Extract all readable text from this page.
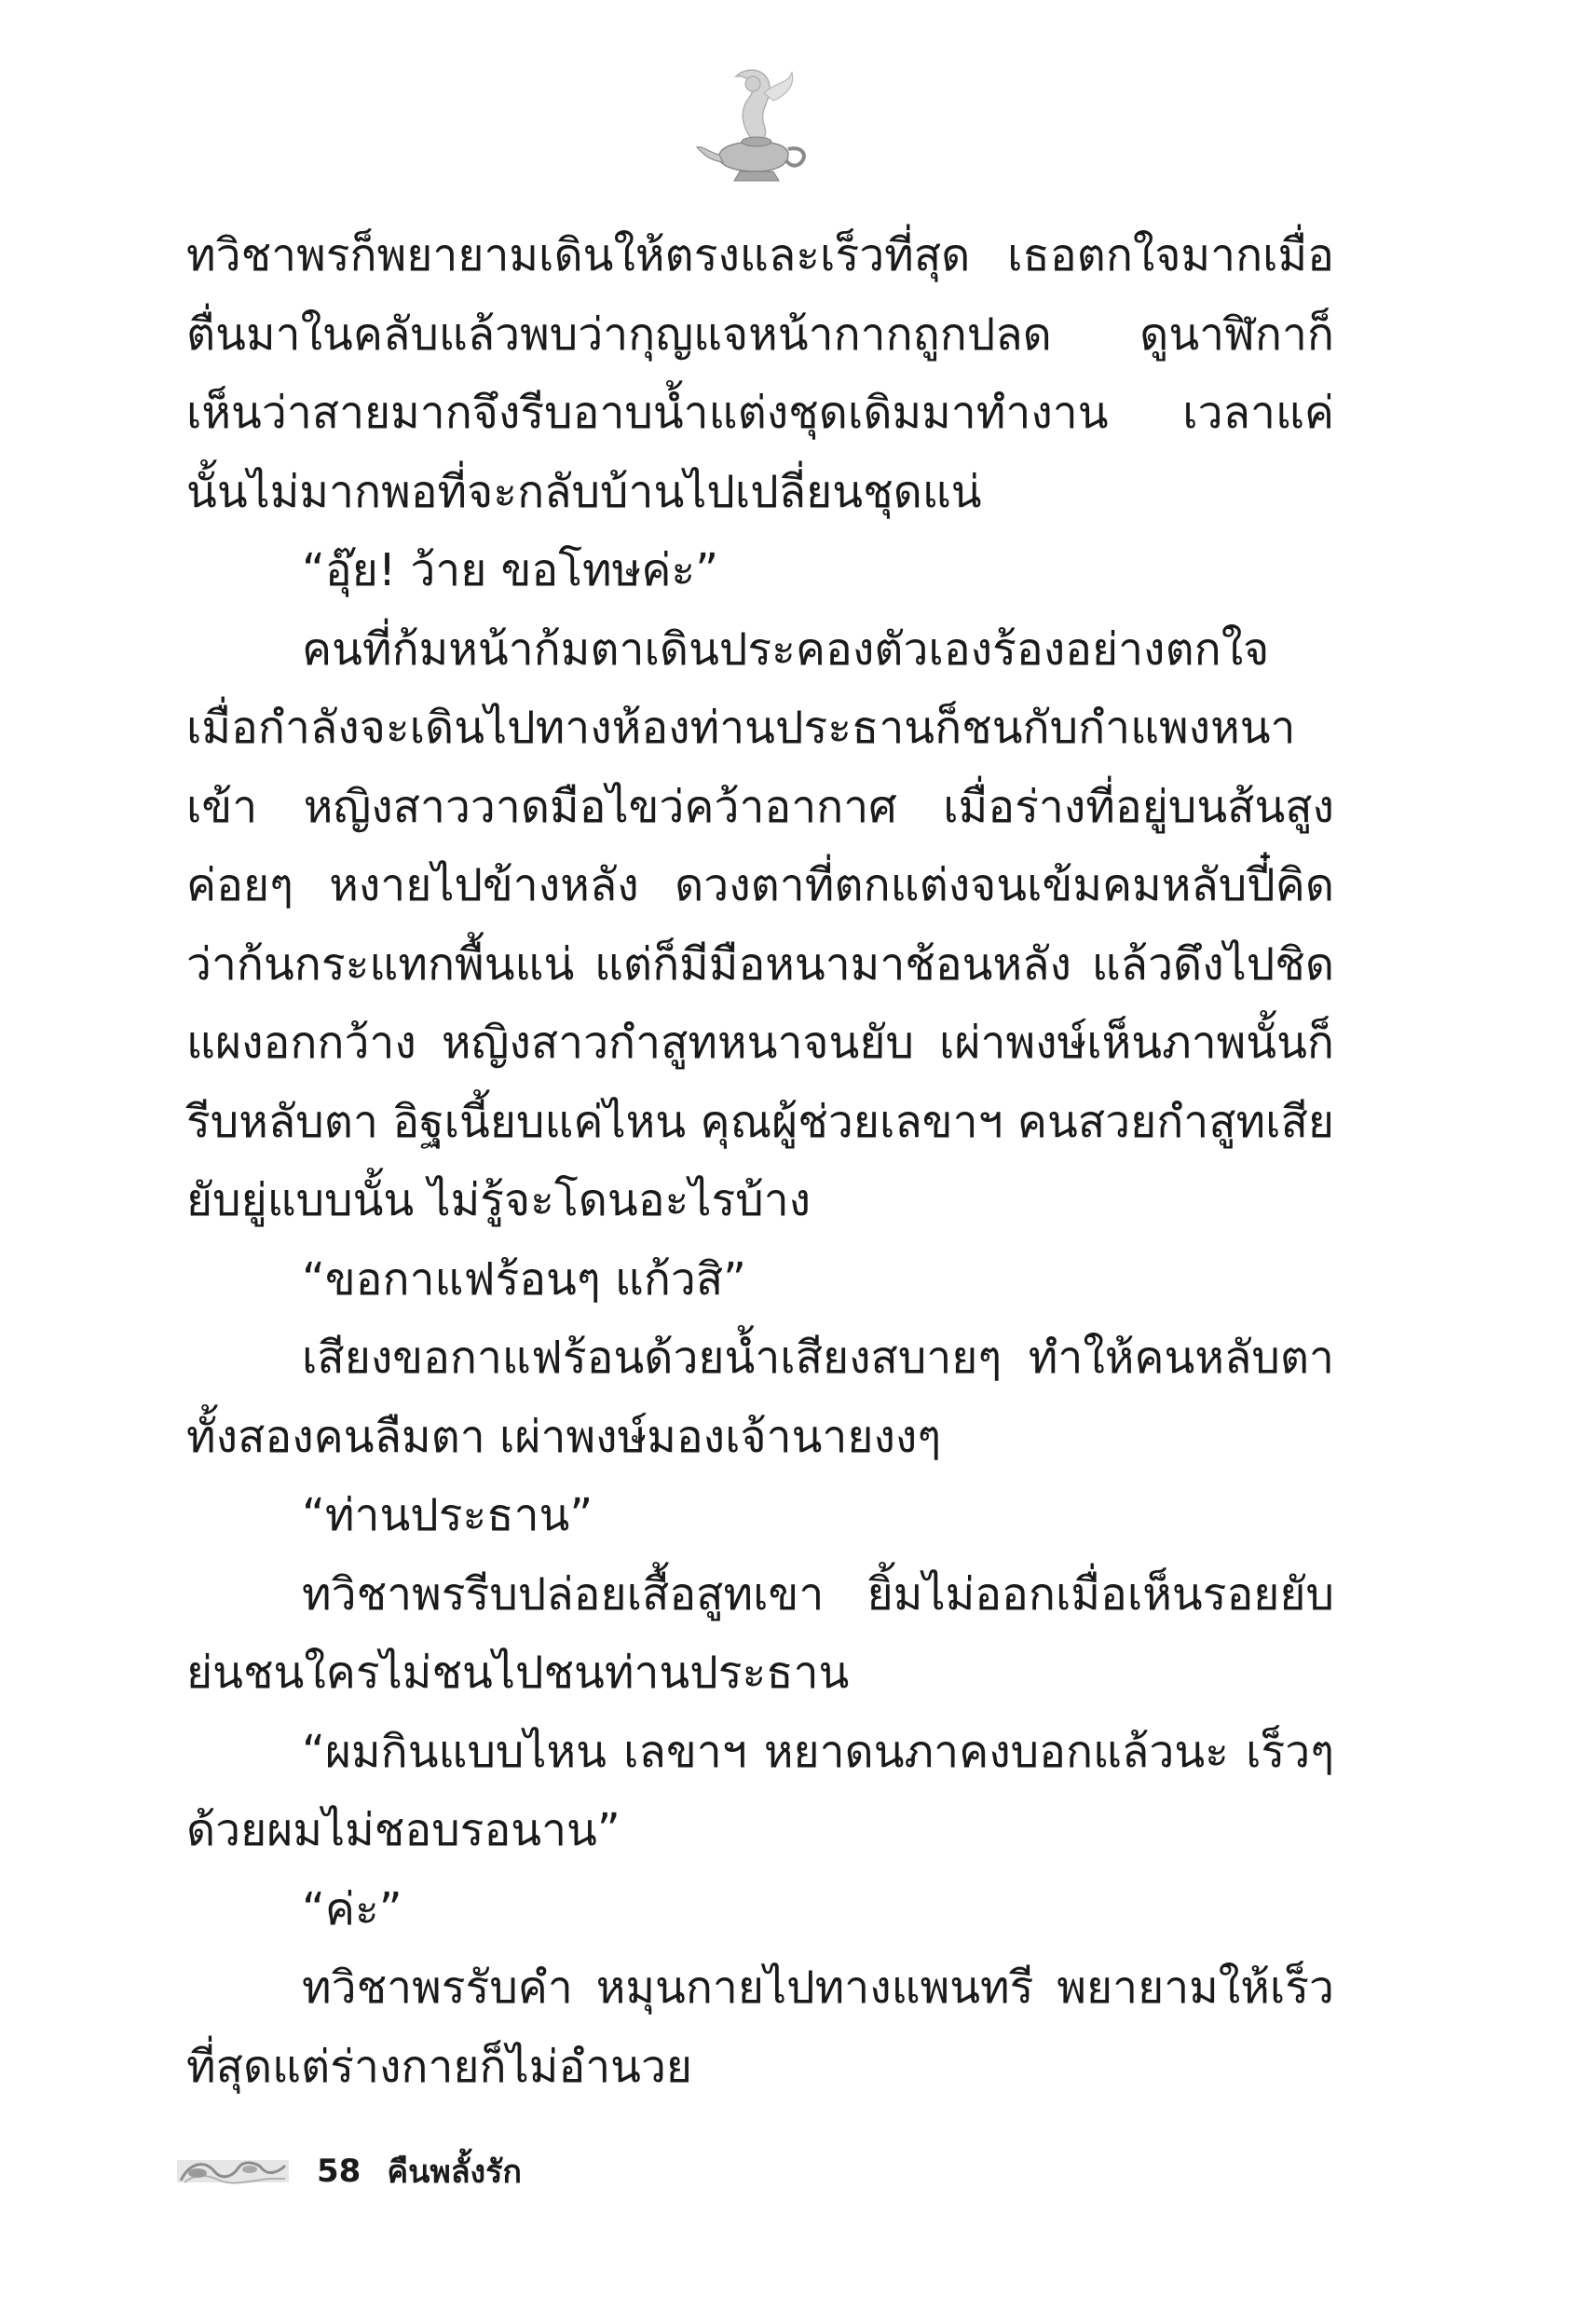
ทวิชาพรก็พยายามเดินให้ตรงและเร็วที่สุด เธอตกใจมากเมื่อตื่นมาในคลับแล้วพบว่ากุญแจหน้ากากถูกปลด ดูนาฬิกาก็เห็นว่าสายมากจึงรีบอาบน้ำแต่งชุดเดิมมาทำงาน เวลาแค่นั้นไม่มากพอที่จะกลับบ้านไปเปลี่ยนชุดแน่

“อุ๊ย! ว้าย ขอโทษค่ะ”

คนที่ก้มหน้าก้มตาเดินประคองตัวเองร้องอย่างตกใจ เมื่อกำลังจะเดินไปทางห้องท่านประธานก็ชนกับกำแพงหนาเข้า หญิงสาววาดมือไขว่คว้าอากาศ เมื่อร่างที่อยู่บนส้นสูงค่อยๆ หงายไปข้างหลัง ดวงตาที่ตกแต่งจนเข้มคมหลับปี๋คิดว่าก้นกระแทกพื้นแน่ แต่ก็มีมือหนามาช้อนหลัง แล้วดึงไปชิดแผงอกกว้าง หญิงสาวกำสูทหนาจนยับ เผ่าพงษ์เห็นภาพนั้นก็รีบหลับตา อิฐเนี้ยบแค่ไหน คุณผู้ช่วยเลขาฯ คนสวยกำสูทเสียยับยู่แบบนั้น ไม่รู้จะโดนอะไรบ้าง

“ขอกาแฟร้อนๆ แก้วสิ”

เสียงขอกาแฟร้อนด้วยน้ำเสียงสบายๆ ทำให้คนหลับตาทั้งสองคนลืมตา เผ่าพงษ์มองเจ้านายงงๆ

“ท่านประธาน”

ทวิชาพรรีบปล่อยเสื้อสูทเขา ยิ้มไม่ออกเมื่อเห็นรอยยับย่นชนใครไม่ชนไปชนท่านประธาน

“ผมกินแบบไหน เลขาฯ หยาดนภาคงบอกแล้วนะ เร็วๆ ด้วยผมไม่ชอบรอนาน”

“ค่ะ”

ทวิชาพรรับคำ หมุนกายไปทางแพนทรี พยายามให้เร็วที่สุดแต่ร่างกายก็ไม่อำนวย

58 คืนพลั้งรัก
